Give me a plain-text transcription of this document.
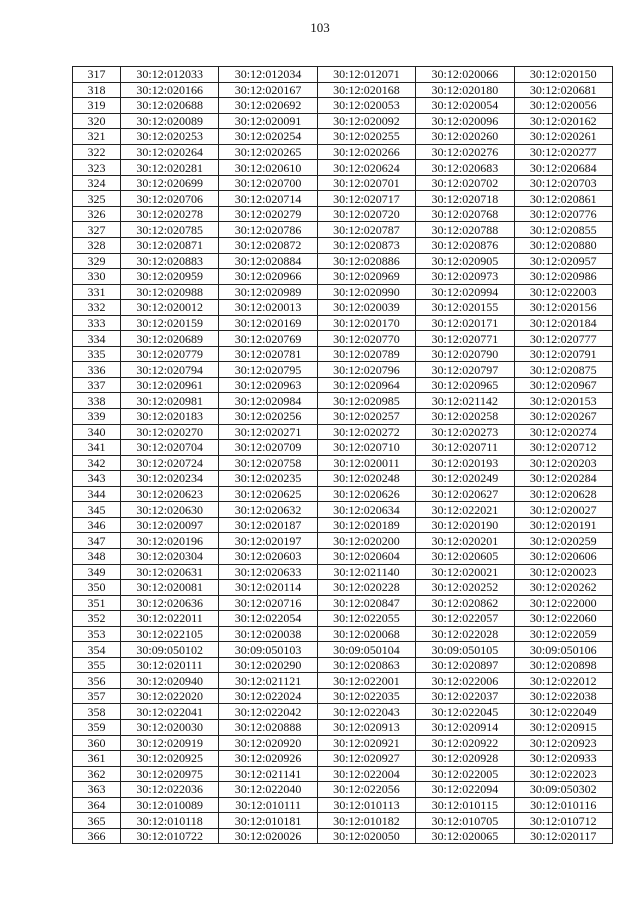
103
317	30:12:012033	30:12:012034	30:12:012071	30:12:020066	30:12:020150
318	30:12:020166	30:12:020167	30:12:020168	30:12:020180	30:12:020681
319	30:12:020688	30:12:020692	30:12:020053	30:12:020054	30:12:020056
320	30:12:020089	30:12:020091	30:12:020092	30:12:020096	30:12:020162
321	30:12:020253	30:12:020254	30:12:020255	30:12:020260	30:12:020261
322	30:12:020264	30:12:020265	30:12:020266	30:12:020276	30:12:020277
323	30:12:020281	30:12:020610	30:12:020624	30:12:020683	30:12:020684
324	30:12:020699	30:12:020700	30:12:020701	30:12:020702	30:12:020703
325	30:12:020706	30:12:020714	30:12:020717	30:12:020718	30:12:020861
326	30:12:020278	30:12:020279	30:12:020720	30:12:020768	30:12:020776
327	30:12:020785	30:12:020786	30:12:020787	30:12:020788	30:12:020855
328	30:12:020871	30:12:020872	30:12:020873	30:12:020876	30:12:020880
329	30:12:020883	30:12:020884	30:12:020886	30:12:020905	30:12:020957
330	30:12:020959	30:12:020966	30:12:020969	30:12:020973	30:12:020986
331	30:12:020988	30:12:020989	30:12:020990	30:12:020994	30:12:022003
332	30:12:020012	30:12:020013	30:12:020039	30:12:020155	30:12:020156
333	30:12:020159	30:12:020169	30:12:020170	30:12:020171	30:12:020184
334	30:12:020689	30:12:020769	30:12:020770	30:12:020771	30:12:020777
335	30:12:020779	30:12:020781	30:12:020789	30:12:020790	30:12:020791
336	30:12:020794	30:12:020795	30:12:020796	30:12:020797	30:12:020875
337	30:12:020961	30:12:020963	30:12:020964	30:12:020965	30:12:020967
338	30:12:020981	30:12:020984	30:12:020985	30:12:021142	30:12:020153
339	30:12:020183	30:12:020256	30:12:020257	30:12:020258	30:12:020267
340	30:12:020270	30:12:020271	30:12:020272	30:12:020273	30:12:020274
341	30:12:020704	30:12:020709	30:12:020710	30:12:020711	30:12:020712
342	30:12:020724	30:12:020758	30:12:020011	30:12:020193	30:12:020203
343	30:12:020234	30:12:020235	30:12:020248	30:12:020249	30:12:020284
344	30:12:020623	30:12:020625	30:12:020626	30:12:020627	30:12:020628
345	30:12:020630	30:12:020632	30:12:020634	30:12:022021	30:12:020027
346	30:12:020097	30:12:020187	30:12:020189	30:12:020190	30:12:020191
347	30:12:020196	30:12:020197	30:12:020200	30:12:020201	30:12:020259
348	30:12:020304	30:12:020603	30:12:020604	30:12:020605	30:12:020606
349	30:12:020631	30:12:020633	30:12:021140	30:12:020021	30:12:020023
350	30:12:020081	30:12:020114	30:12:020228	30:12:020252	30:12:020262
351	30:12:020636	30:12:020716	30:12:020847	30:12:020862	30:12:022000
352	30:12:022011	30:12:022054	30:12:022055	30:12:022057	30:12:022060
353	30:12:022105	30:12:020038	30:12:020068	30:12:022028	30:12:022059
354	30:09:050102	30:09:050103	30:09:050104	30:09:050105	30:09:050106
355	30:12:020111	30:12:020290	30:12:020863	30:12:020897	30:12:020898
356	30:12:020940	30:12:021121	30:12:022001	30:12:022006	30:12:022012
357	30:12:022020	30:12:022024	30:12:022035	30:12:022037	30:12:022038
358	30:12:022041	30:12:022042	30:12:022043	30:12:022045	30:12:022049
359	30:12:020030	30:12:020888	30:12:020913	30:12:020914	30:12:020915
360	30:12:020919	30:12:020920	30:12:020921	30:12:020922	30:12:020923
361	30:12:020925	30:12:020926	30:12:020927	30:12:020928	30:12:020933
362	30:12:020975	30:12:021141	30:12:022004	30:12:022005	30:12:022023
363	30:12:022036	30:12:022040	30:12:022056	30:12:022094	30:09:050302
364	30:12:010089	30:12:010111	30:12:010113	30:12:010115	30:12:010116
365	30:12:010118	30:12:010181	30:12:010182	30:12:010705	30:12:010712
366	30:12:010722	30:12:020026	30:12:020050	30:12:020065	30:12:020117
